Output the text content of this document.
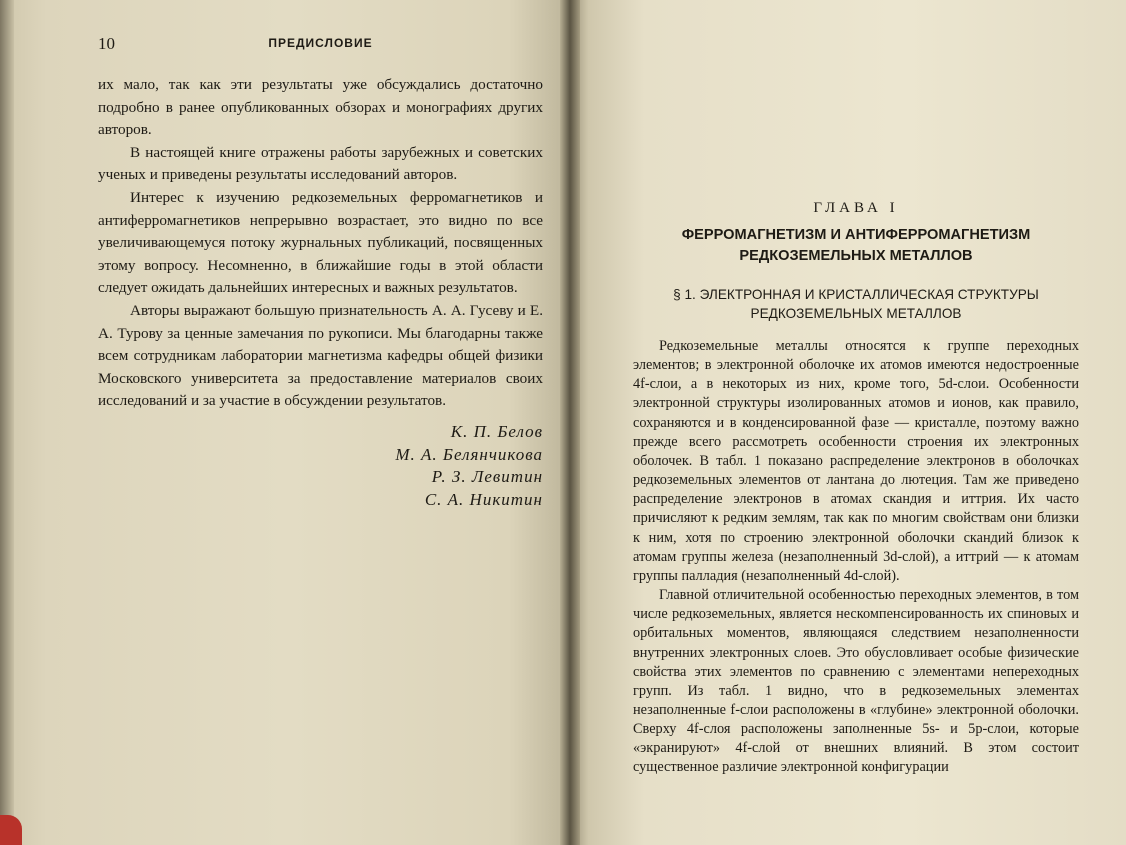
10	ПРЕДИСЛОВИЕ

их мало, так как эти результаты уже обсуждались достаточно подробно в ранее опубликованных обзорах и монографиях других авторов.

В настоящей книге отражены работы зарубежных и советских ученых и приведены результаты исследований авторов.

Интерес к изучению редкоземельных ферромагнетиков и антиферромагнетиков непрерывно возрастает, это видно по все увеличивающемуся потоку журнальных публикаций, посвященных этому вопросу. Несомненно, в ближайшие годы в этой области следует ожидать дальнейших интересных и важных результатов.

Авторы выражают большую признательность А. А. Гусеву и Е. А. Турову за ценные замечания по рукописи. Мы благодарны также всем сотрудникам лаборатории магнетизма кафедры общей физики Московского университета за предоставление материалов своих исследований и за участие в обсуждении результатов.

К. П. Белов
М. А. Белянчикова
Р. З. Левитин
С. А. Никитин
ГЛАВА I
ФЕРРОМАГНЕТИЗМ И АНТИФЕРРОМАГНЕТИЗМ
РЕДКОЗЕМЕЛЬНЫХ МЕТАЛЛОВ
§ 1. ЭЛЕКТРОННАЯ И КРИСТАЛЛИЧЕСКАЯ СТРУКТУРЫ
РЕДКОЗЕМЕЛЬНЫХ МЕТАЛЛОВ

Редкоземельные металлы относятся к группе переходных элементов; в электронной оболочке их атомов имеются недостроенные 4f-слои, а в некоторых из них, кроме того, 5d-слои. Особенности электронной структуры изолированных атомов и ионов, как правило, сохраняются и в конденсированной фазе — кристалле, поэтому важно прежде всего рассмотреть особенности строения их электронных оболочек. В табл. 1 показано распределение электронов в оболочках редкоземельных элементов от лантана до лютеция. Там же приведено распределение электронов в атомах скандия и иттрия. Их часто причисляют к редким землям, так как по многим свойствам они близки к ним, хотя по строению электронной оболочки скандий близок к атомам группы железа (незаполненный 3d-слой), а иттрий — к атомам группы палладия (незаполненный 4d-слой).

Главной отличительной особенностью переходных элементов, в том числе редкоземельных, является нескомпенсированность их спиновых и орбитальных моментов, являющаяся следствием незаполненности внутренних электронных слоев. Это обусловливает особые физические свойства этих элементов по сравнению с элементами непереходных групп. Из табл. 1 видно, что в редкоземельных элементах незаполненные f-слои расположены в «глубине» электронной оболочки. Сверху 4f-слоя расположены заполненные 5s- и 5p-слои, которые «экранируют» 4f-слой от внешних влияний. В этом состоит существенное различие электронной конфигурации
